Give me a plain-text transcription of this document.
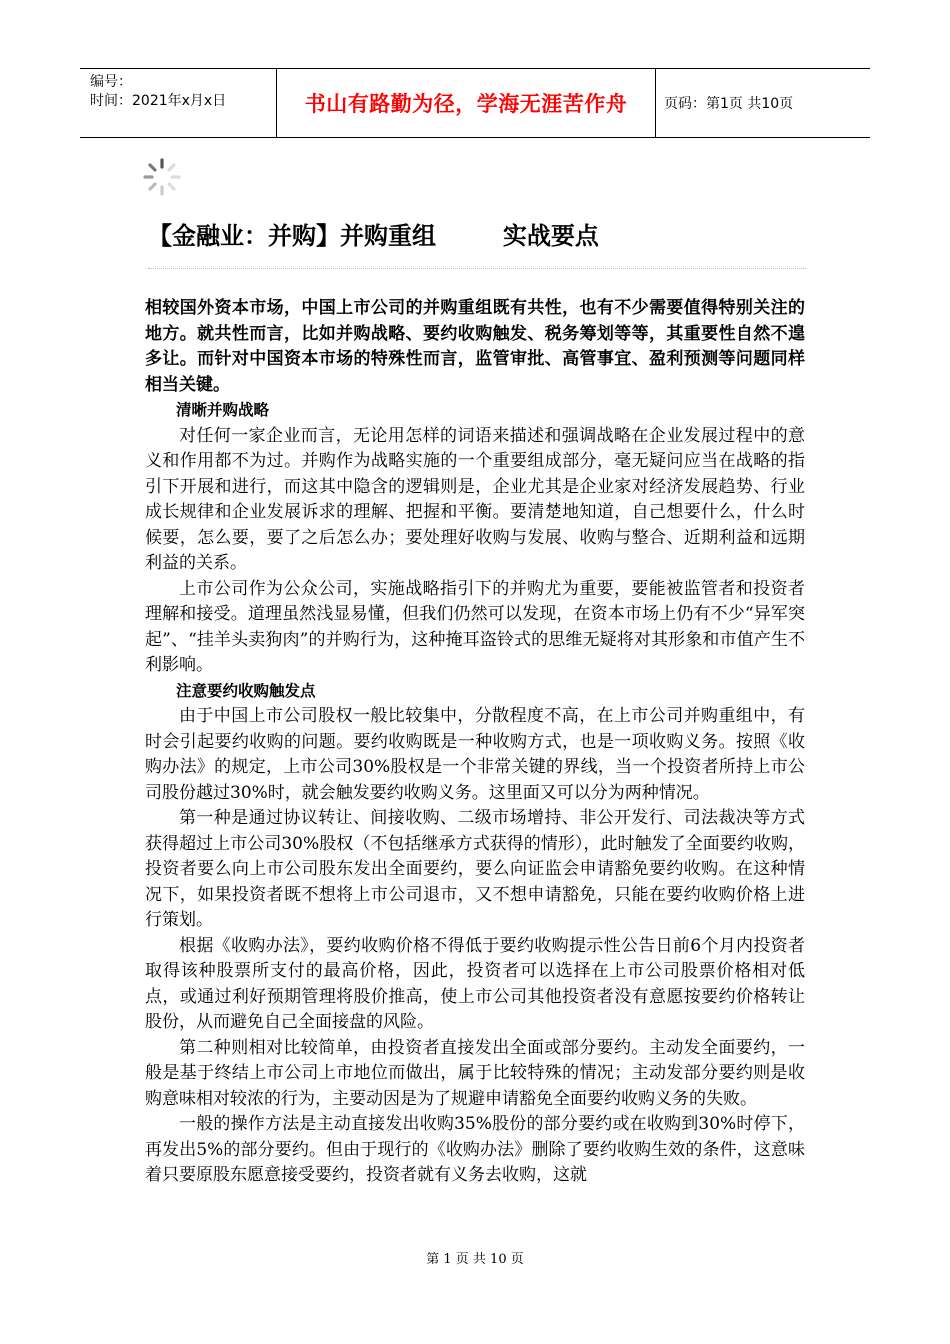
编号：
时间：2021年x月x日	书山有路勤为径，学海无涯苦作舟	页码：第1页 共10页
【金融业：并购】并购重组        实战要点

相较国外资本市场，中国上市公司的并购重组既有共性，也有不少需要值得特别关注的地方。就共性而言，比如并购战略、要约收购触发、税务筹划等等，其重要性自然不遑多让。而针对中国资本市场的特殊性而言，监管审批、高管事宜、盈利预测等问题同样相当关键。

清晰并购战略

对任何一家企业而言，无论用怎样的词语来描述和强调战略在企业发展过程中的意义和作用都不为过。并购作为战略实施的一个重要组成部分，毫无疑问应当在战略的指引下开展和进行，而这其中隐含的逻辑则是，企业尤其是企业家对经济发展趋势、行业成长规律和企业发展诉求的理解、把握和平衡。要清楚地知道，自己想要什么，什么时候要，怎么要，要了之后怎么办；要处理好收购与发展、收购与整合、近期利益和远期利益的关系。

上市公司作为公众公司，实施战略指引下的并购尤为重要，要能被监管者和投资者理解和接受。道理虽然浅显易懂，但我们仍然可以发现，在资本市场上仍有不少“异军突起”、“挂羊头卖狗肉”的并购行为，这种掩耳盗铃式的思维无疑将对其形象和市值产生不利影响。

注意要约收购触发点

由于中国上市公司股权一般比较集中，分散程度不高，在上市公司并购重组中，有时会引起要约收购的问题。要约收购既是一种收购方式，也是一项收购义务。按照《收购办法》的规定，上市公司30%股权是一个非常关键的界线，当一个投资者所持上市公司股份越过30%时，就会触发要约收购义务。这里面又可以分为两种情况。

第一种是通过协议转让、间接收购、二级市场增持、非公开发行、司法裁决等方式获得超过上市公司30%股权（不包括继承方式获得的情形），此时触发了全面要约收购，投资者要么向上市公司股东发出全面要约，要么向证监会申请豁免要约收购。在这种情况下，如果投资者既不想将上市公司退市，又不想申请豁免，只能在要约收购价格上进行策划。

根据《收购办法》，要约收购价格不得低于要约收购提示性公告日前6个月内投资者取得该种股票所支付的最高价格，因此，投资者可以选择在上市公司股票价格相对低点，或通过利好预期管理将股价推高，使上市公司其他投资者没有意愿按要约价格转让股份，从而避免自己全面接盘的风险。

第二种则相对比较简单，由投资者直接发出全面或部分要约。主动发全面要约，一般是基于终结上市公司上市地位而做出，属于比较特殊的情况；主动发部分要约则是收购意味相对较浓的行为，主要动因是为了规避申请豁免全面要约收购义务的失败。

一般的操作方法是主动直接发出收购35%股份的部分要约或在收购到30%时停下，再发出5%的部分要约。但由于现行的《收购办法》删除了要约收购生效的条件，这意味着只要原股东愿意接受要约，投资者就有义务去收购，这就

第 1 页 共 10 页
